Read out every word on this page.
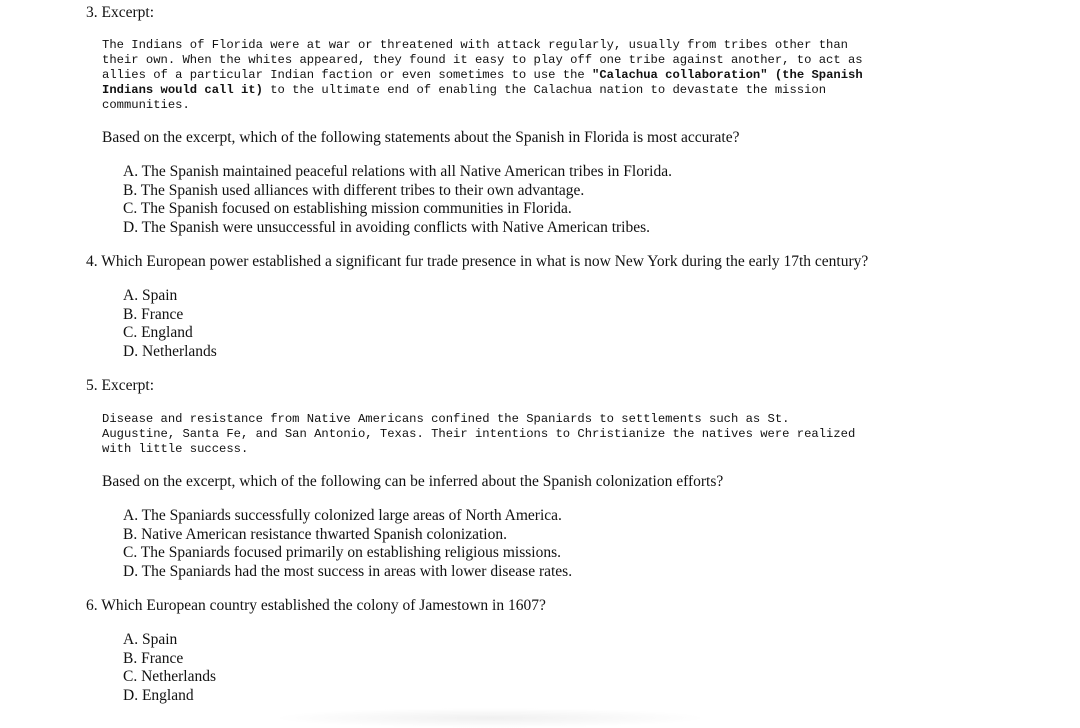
3. Excerpt:
The Indians of Florida were at war or threatened with attack regularly, usually from tribes other than
their own. When the whites appeared, they found it easy to play off one tribe against another, to act as
allies of a particular Indian faction or even sometimes to use the "Calachua collaboration" (the Spanish
Indians would call it) to the ultimate end of enabling the Calachua nation to devastate the mission
communities.
Based on the excerpt, which of the following statements about the Spanish in Florida is most accurate?
A. The Spanish maintained peaceful relations with all Native American tribes in Florida.
B. The Spanish used alliances with different tribes to their own advantage.
C. The Spanish focused on establishing mission communities in Florida.
D. The Spanish were unsuccessful in avoiding conflicts with Native American tribes.
4. Which European power established a significant fur trade presence in what is now New York during the early 17th century?
A. Spain
B. France
C. England
D. Netherlands
5. Excerpt:
Disease and resistance from Native Americans confined the Spaniards to settlements such as St.
Augustine, Santa Fe, and San Antonio, Texas. Their intentions to Christianize the natives were realized
with little success.
Based on the excerpt, which of the following can be inferred about the Spanish colonization efforts?
A. The Spaniards successfully colonized large areas of North America.
B. Native American resistance thwarted Spanish colonization.
C. The Spaniards focused primarily on establishing religious missions.
D. The Spaniards had the most success in areas with lower disease rates.
6. Which European country established the colony of Jamestown in 1607?
A. Spain
B. France
C. Netherlands
D. England
